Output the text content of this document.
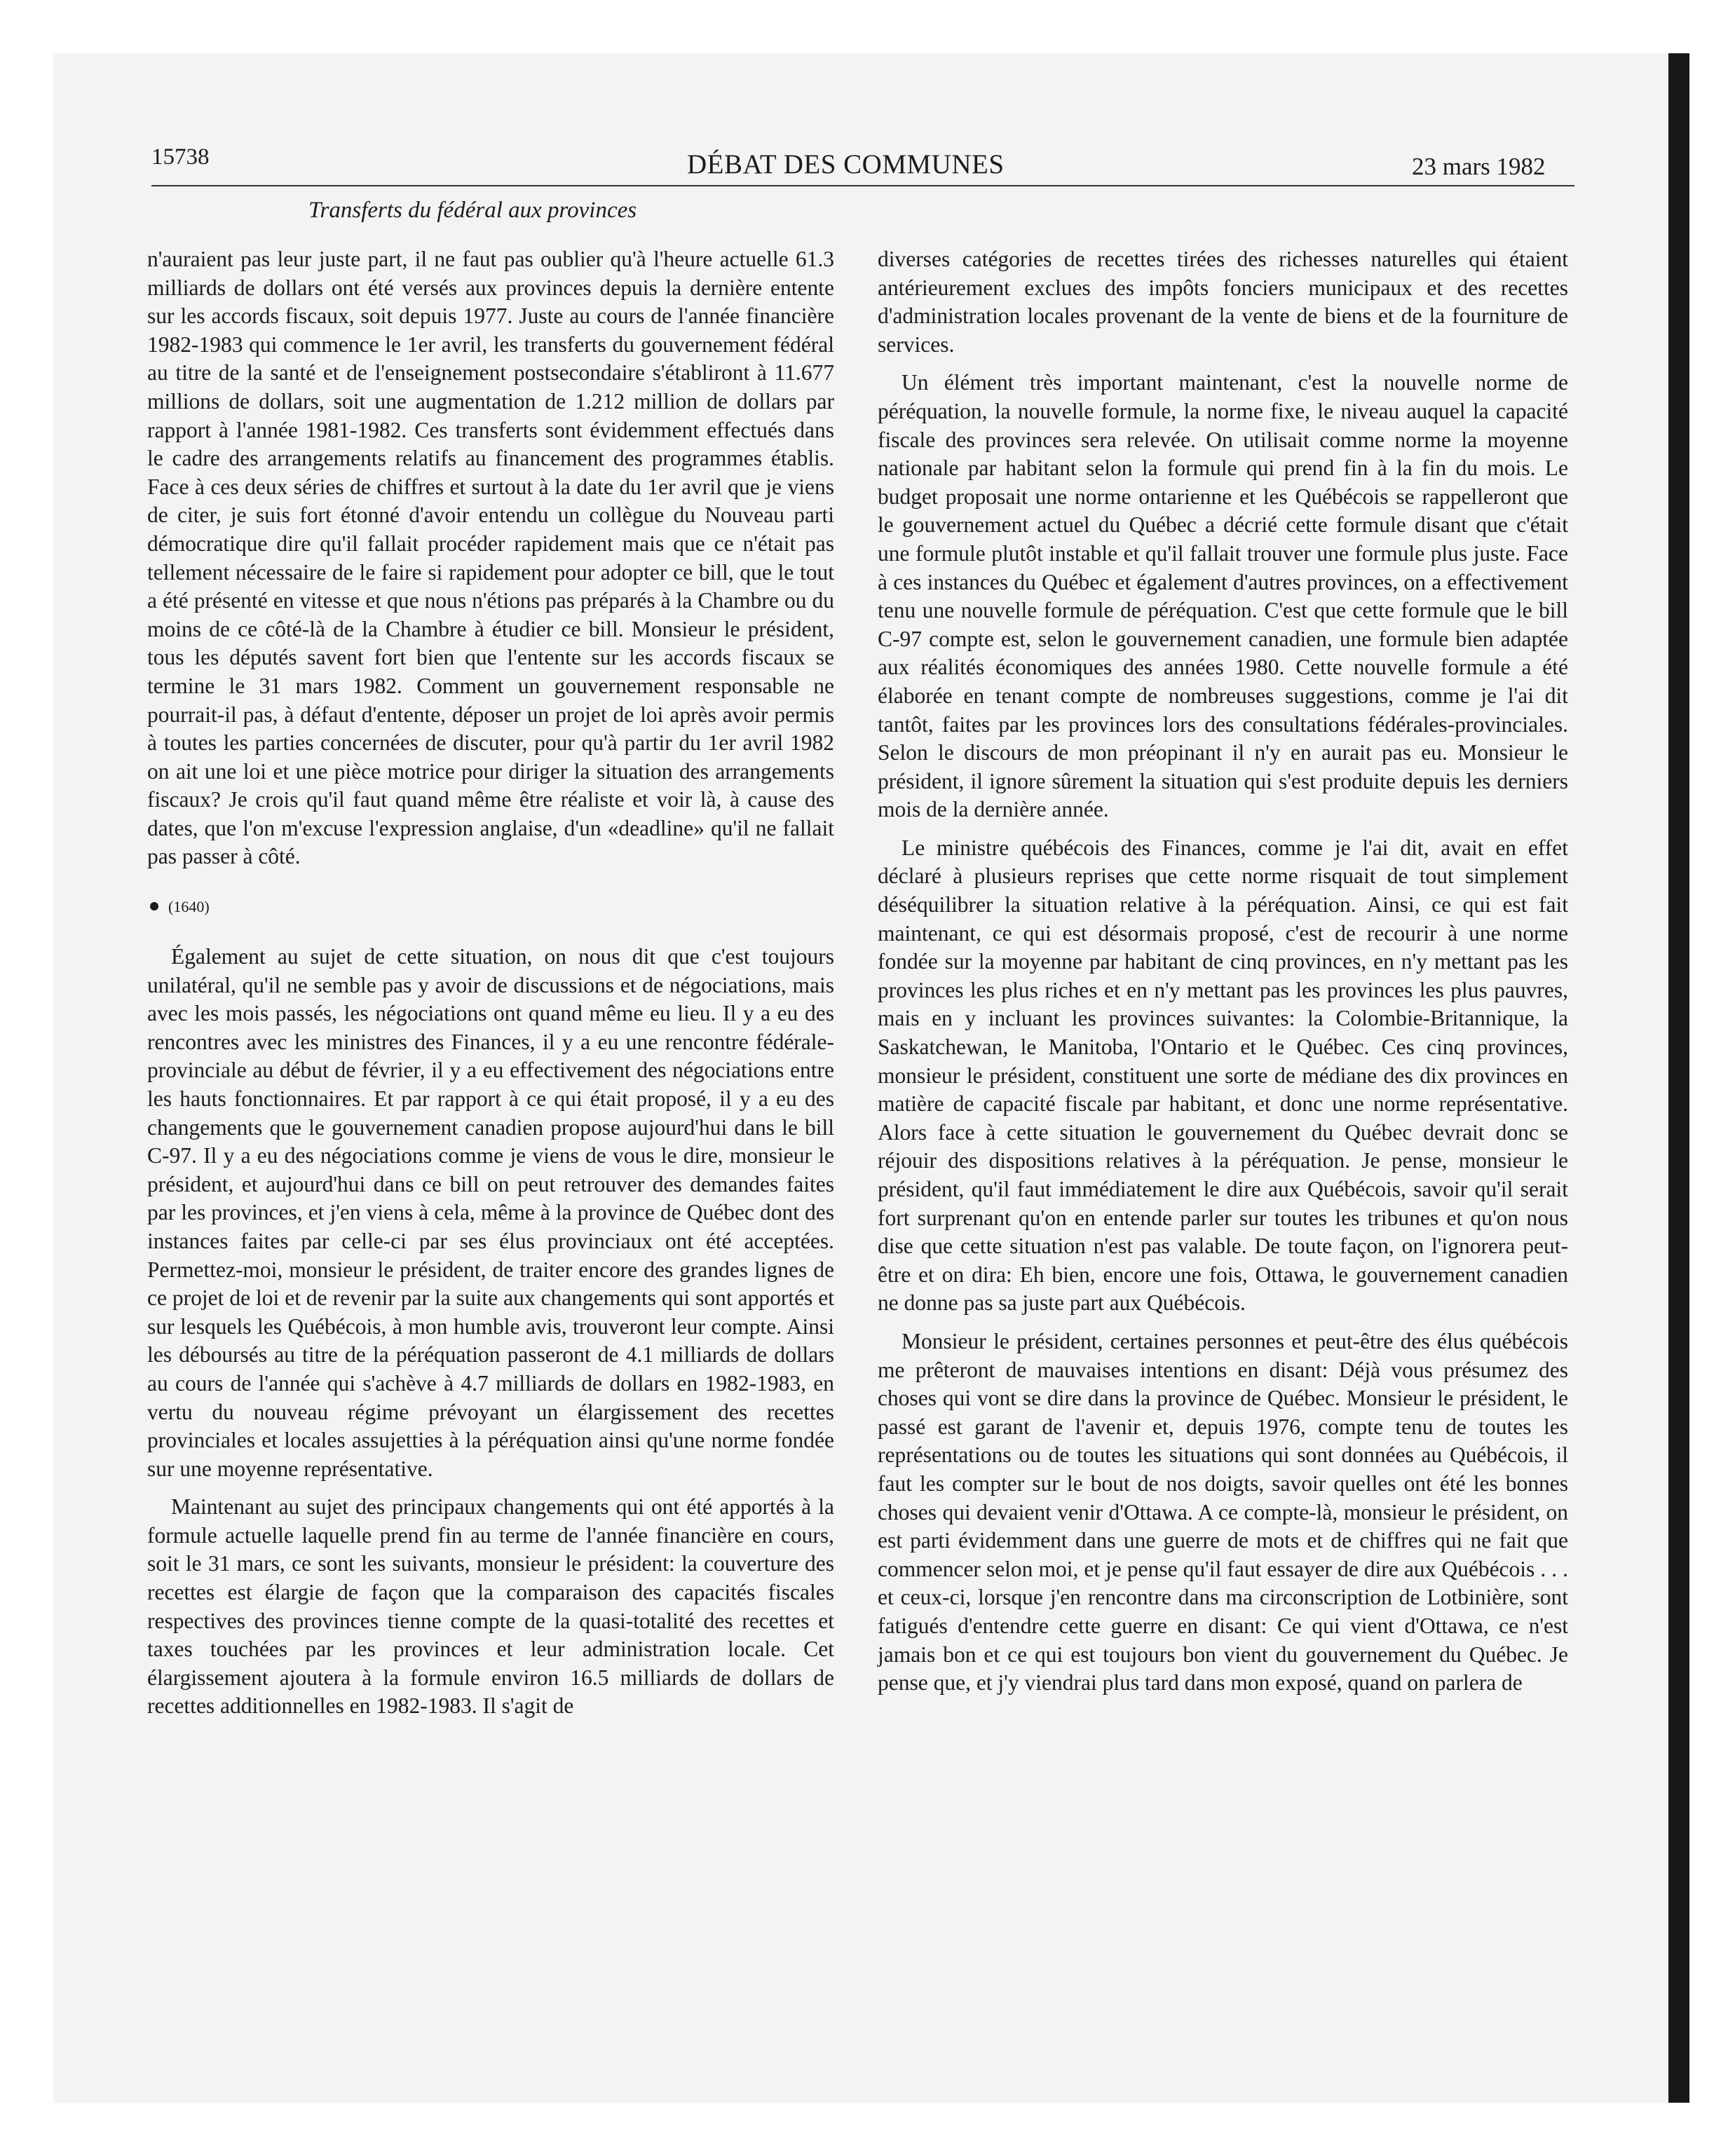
15738	DÉBAT DES COMMUNES	23 mars 1982
Transferts du fédéral aux provinces

n'auraient pas leur juste part, il ne faut pas oublier qu'à l'heure actuelle 61.3 milliards de dollars ont été versés aux provinces depuis la dernière entente sur les accords fiscaux, soit depuis 1977. Juste au cours de l'année financière 1982-1983 qui commence le 1er avril, les transferts du gouvernement fédéral au titre de la santé et de l'enseignement postsecondaire s'établiront à 11.677 millions de dollars, soit une augmentation de 1.212 million de dollars par rapport à l'année 1981-1982. Ces transferts sont évidemment effectués dans le cadre des arrangements relatifs au financement des programmes établis. Face à ces deux séries de chiffres et surtout à la date du 1er avril que je viens de citer, je suis fort étonné d'avoir entendu un collègue du Nouveau parti démocratique dire qu'il fallait procéder rapidement mais que ce n'était pas tellement nécessaire de le faire si rapidement pour adopter ce bill, que le tout a été présenté en vitesse et que nous n'étions pas préparés à la Chambre ou du moins de ce côté-là de la Chambre à étudier ce bill. Monsieur le président, tous les députés savent fort bien que l'entente sur les accords fiscaux se termine le 31 mars 1982. Comment un gouvernement responsable ne pourrait-il pas, à défaut d'entente, déposer un projet de loi après avoir permis à toutes les parties concernées de discuter, pour qu'à partir du 1er avril 1982 on ait une loi et une pièce motrice pour diriger la situation des arrangements fiscaux? Je crois qu'il faut quand même être réaliste et voir là, à cause des dates, que l'on m'excuse l'expression anglaise, d'un «deadline» qu'il ne fallait pas passer à côté.

(1640)

Également au sujet de cette situation, on nous dit que c'est toujours unilatéral, qu'il ne semble pas y avoir de discussions et de négociations, mais avec les mois passés, les négociations ont quand même eu lieu. Il y a eu des rencontres avec les ministres des Finances, il y a eu une rencontre fédérale-provinciale au début de février, il y a eu effectivement des négociations entre les hauts fonctionnaires. Et par rapport à ce qui était proposé, il y a eu des changements que le gouvernement canadien propose aujourd'hui dans le bill C-97. Il y a eu des négociations comme je viens de vous le dire, monsieur le président, et aujourd'hui dans ce bill on peut retrouver des demandes faites par les provinces, et j'en viens à cela, même à la province de Québec dont des instances faites par celle-ci par ses élus provinciaux ont été acceptées. Permettez-moi, monsieur le président, de traiter encore des grandes lignes de ce projet de loi et de revenir par la suite aux changements qui sont apportés et sur lesquels les Québécois, à mon humble avis, trouveront leur compte. Ainsi les déboursés au titre de la péréquation passeront de 4.1 milliards de dollars au cours de l'année qui s'achève à 4.7 milliards de dollars en 1982-1983, en vertu du nouveau régime prévoyant un élargissement des recettes provinciales et locales assujetties à la péréquation ainsi qu'une norme fondée sur une moyenne représentative.

Maintenant au sujet des principaux changements qui ont été apportés à la formule actuelle laquelle prend fin au terme de l'année financière en cours, soit le 31 mars, ce sont les suivants, monsieur le président: la couverture des recettes est élargie de façon que la comparaison des capacités fiscales respectives des provinces tienne compte de la quasi-totalité des recettes et taxes touchées par les provinces et leur administration locale. Cet élargissement ajoutera à la formule environ 16.5 milliards de dollars de recettes additionnelles en 1982-1983. Il s'agit de

diverses catégories de recettes tirées des richesses naturelles qui étaient antérieurement exclues des impôts fonciers municipaux et des recettes d'administration locales provenant de la vente de biens et de la fourniture de services.

Un élément très important maintenant, c'est la nouvelle norme de péréquation, la nouvelle formule, la norme fixe, le niveau auquel la capacité fiscale des provinces sera relevée. On utilisait comme norme la moyenne nationale par habitant selon la formule qui prend fin à la fin du mois. Le budget proposait une norme ontarienne et les Québécois se rappelleront que le gouvernement actuel du Québec a décrié cette formule disant que c'était une formule plutôt instable et qu'il fallait trouver une formule plus juste. Face à ces instances du Québec et également d'autres provinces, on a effectivement tenu une nouvelle formule de péréquation. C'est que cette formule que le bill C-97 compte est, selon le gouvernement canadien, une formule bien adaptée aux réalités économiques des années 1980. Cette nouvelle formule a été élaborée en tenant compte de nombreuses suggestions, comme je l'ai dit tantôt, faites par les provinces lors des consultations fédérales-provinciales. Selon le discours de mon préopinant il n'y en aurait pas eu. Monsieur le président, il ignore sûrement la situation qui s'est produite depuis les derniers mois de la dernière année.

Le ministre québécois des Finances, comme je l'ai dit, avait en effet déclaré à plusieurs reprises que cette norme risquait de tout simplement déséquilibrer la situation relative à la péréquation. Ainsi, ce qui est fait maintenant, ce qui est désormais proposé, c'est de recourir à une norme fondée sur la moyenne par habitant de cinq provinces, en n'y mettant pas les provinces les plus riches et en n'y mettant pas les provinces les plus pauvres, mais en y incluant les provinces suivantes: la Colombie-Britannique, la Saskatchewan, le Manitoba, l'Ontario et le Québec. Ces cinq provinces, monsieur le président, constituent une sorte de médiane des dix provinces en matière de capacité fiscale par habitant, et donc une norme représentative. Alors face à cette situation le gouvernement du Québec devrait donc se réjouir des dispositions relatives à la péréquation. Je pense, monsieur le président, qu'il faut immédiatement le dire aux Québécois, savoir qu'il serait fort surprenant qu'on en entende parler sur toutes les tribunes et qu'on nous dise que cette situation n'est pas valable. De toute façon, on l'ignorera peut-être et on dira: Eh bien, encore une fois, Ottawa, le gouvernement canadien ne donne pas sa juste part aux Québécois.

Monsieur le président, certaines personnes et peut-être des élus québécois me prêteront de mauvaises intentions en disant: Déjà vous présumez des choses qui vont se dire dans la province de Québec. Monsieur le président, le passé est garant de l'avenir et, depuis 1976, compte tenu de toutes les représentations ou de toutes les situations qui sont données au Québécois, il faut les compter sur le bout de nos doigts, savoir quelles ont été les bonnes choses qui devaient venir d'Ottawa. A ce compte-là, monsieur le président, on est parti évidemment dans une guerre de mots et de chiffres qui ne fait que commencer selon moi, et je pense qu'il faut essayer de dire aux Québécois . . . et ceux-ci, lorsque j'en rencontre dans ma circonscription de Lotbinière, sont fatigués d'entendre cette guerre en disant: Ce qui vient d'Ottawa, ce n'est jamais bon et ce qui est toujours bon vient du gouvernement du Québec. Je pense que, et j'y viendrai plus tard dans mon exposé, quand on parlera de
